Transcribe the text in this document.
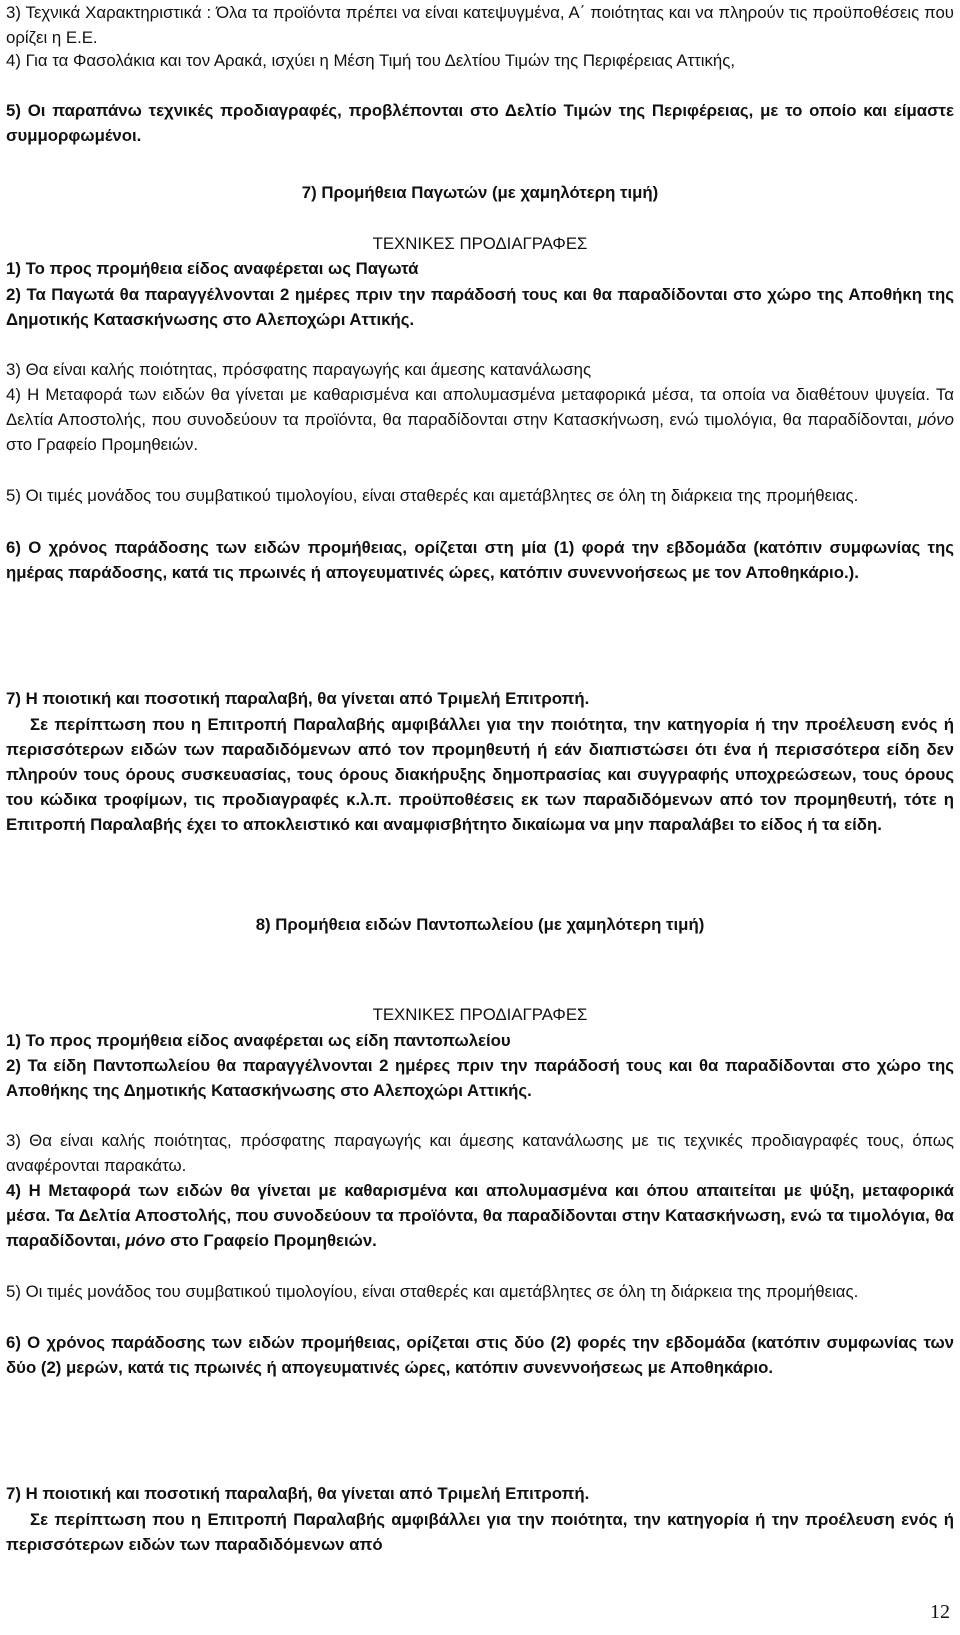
3) Τεχνικά Χαρακτηριστικά : Όλα τα προϊόντα πρέπει να είναι κατεψυγμένα, Α΄ ποιότητας και να πληρούν τις προϋποθέσεις που ορίζει η Ε.Ε.

4) Για τα Φασολάκια και τον Αρακά, ισχύει η Μέση Τιμή του Δελτίου Τιμών της Περιφέρειας Αττικής,

5) Οι παραπάνω τεχνικές προδιαγραφές, προβλέπονται στο Δελτίο Τιμών της Περιφέρειας, με το οποίο και είμαστε συμμορφωμένοι.

7) Προμήθεια Παγωτών (με χαμηλότερη τιμή)

ΤΕΧΝΙΚΕΣ ΠΡΟΔΙΑΓΡΑΦΕΣ

1) Το προς προμήθεια είδος αναφέρεται ως Παγωτά

2) Τα Παγωτά θα παραγγέλνονται 2 ημέρες πριν την παράδοσή τους και θα παραδίδονται στο χώρο της Αποθήκη της Δημοτικής Κατασκήνωσης στο Αλεποχώρι Αττικής.

3) Θα είναι καλής ποιότητας, πρόσφατης παραγωγής και άμεσης κατανάλωσης

4) Η Μεταφορά των ειδών θα γίνεται με καθαρισμένα και απολυμασμένα μεταφορικά μέσα, τα οποία να διαθέτουν ψυγεία. Τα Δελτία Αποστολής, που συνοδεύουν τα προϊόντα, θα παραδίδονται στην Κατασκήνωση, ενώ τιμολόγια, θα παραδίδονται, μόνο στο Γραφείο Προμηθειών.

5) Οι τιμές μονάδος του συμβατικού τιμολογίου, είναι σταθερές και αμετάβλητες σε όλη τη διάρκεια της προμήθειας.

6) Ο χρόνος παράδοσης των ειδών προμήθειας, ορίζεται στη μία (1) φορά την εβδομάδα (κατόπιν συμφωνίας της ημέρας παράδοσης, κατά τις πρωινές ή απογευματινές ώρες, κατόπιν συνεννοήσεως με τον Αποθηκάριο.).

7) Η ποιοτική και ποσοτική παραλαβή, θα γίνεται από Τριμελή Επιτροπή.

Σε περίπτωση που η Επιτροπή Παραλαβής αμφιβάλλει για την ποιότητα, την κατηγορία ή την προέλευση ενός ή περισσότερων ειδών των παραδιδόμενων από τον προμηθευτή ή εάν διαπιστώσει ότι ένα ή περισσότερα είδη δεν πληρούν τους όρους συσκευασίας, τους όρους διακήρυξης δημοπρασίας και συγγραφής υποχρεώσεων, τους όρους του κώδικα τροφίμων, τις προδιαγραφές κ.λ.π. προϋποθέσεις εκ των παραδιδόμενων από τον προμηθευτή, τότε η Επιτροπή Παραλαβής έχει το αποκλειστικό και αναμφισβήτητο δικαίωμα να μην παραλάβει το είδος ή τα είδη.

8) Προμήθεια ειδών Παντοπωλείου (με χαμηλότερη τιμή)

ΤΕΧΝΙΚΕΣ ΠΡΟΔΙΑΓΡΑΦΕΣ

1) Το προς προμήθεια είδος αναφέρεται ως είδη παντοπωλείου

2) Τα είδη Παντοπωλείου θα παραγγέλνονται 2 ημέρες πριν την παράδοσή τους και θα παραδίδονται στο χώρο της Αποθήκης της Δημοτικής Κατασκήνωσης στο Αλεποχώρι Αττικής.

3) Θα είναι καλής ποιότητας, πρόσφατης παραγωγής και άμεσης κατανάλωσης με τις τεχνικές προδιαγραφές τους, όπως αναφέρονται παρακάτω.

4) Η Μεταφορά των ειδών θα γίνεται με καθαρισμένα και απολυμασμένα και όπου απαιτείται με ψύξη, μεταφορικά μέσα. Τα Δελτία Αποστολής, που συνοδεύουν τα προϊόντα, θα παραδίδονται στην Κατασκήνωση, ενώ τα τιμολόγια, θα παραδίδονται, μόνο στο Γραφείο Προμηθειών.

5) Οι τιμές μονάδος του συμβατικού τιμολογίου, είναι σταθερές και αμετάβλητες σε όλη τη διάρκεια της προμήθειας.

6) Ο χρόνος παράδοσης των ειδών προμήθειας, ορίζεται στις δύο (2) φορές την εβδομάδα (κατόπιν συμφωνίας των δύο (2) μερών, κατά τις πρωινές ή απογευματινές ώρες, κατόπιν συνεννοήσεως με Αποθηκάριο.

7) Η ποιοτική και ποσοτική παραλαβή, θα γίνεται από Τριμελή Επιτροπή.

Σε περίπτωση που η Επιτροπή Παραλαβής αμφιβάλλει για την ποιότητα, την κατηγορία ή την προέλευση ενός ή περισσότερων ειδών των παραδιδόμενων από

12
